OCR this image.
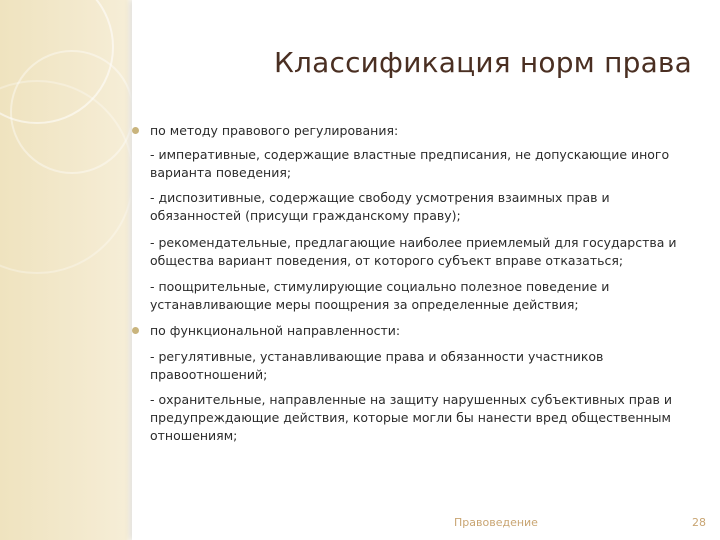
Классификация норм права

по методу правового регулирования:

- императивные, содержащие властные предписания, не допускающие иного варианта поведения;

- диспозитивные, содержащие свободу усмотрения взаимных прав и обязанностей (присущи гражданскому праву);

- рекомендательные, предлагающие наиболее приемлемый для государства и общества вариант поведения, от которого субъект вправе отказаться;

- поощрительные, стимулирующие социально полезное поведение и устанавливающие меры поощрения за определенные действия;

по функциональной направленности:

- регулятивные, устанавливающие права и обязанности участников правоотношений;

- охранительные, направленные на защиту нарушенных субъективных прав и предупреждающие действия, которые могли бы нанести вред общественным отношениям;

Правоведение	28
